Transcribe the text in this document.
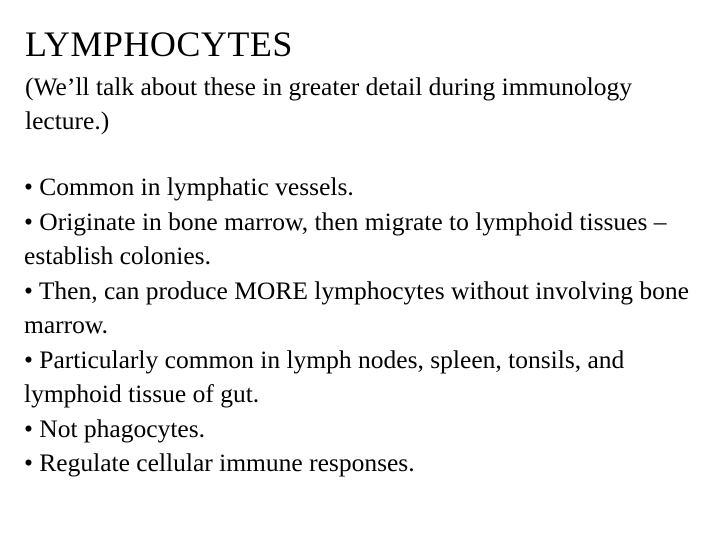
LYMPHOCYTES

(We’ll talk about these in greater detail during immunology lecture.)

• Common in lymphatic vessels.
• Originate in bone marrow, then migrate to lymphoid tissues – establish colonies.
• Then, can produce MORE lymphocytes without involving bone marrow.
• Particularly common in lymph nodes, spleen, tonsils, and lymphoid tissue of gut.
• Not phagocytes.
• Regulate cellular immune responses.
